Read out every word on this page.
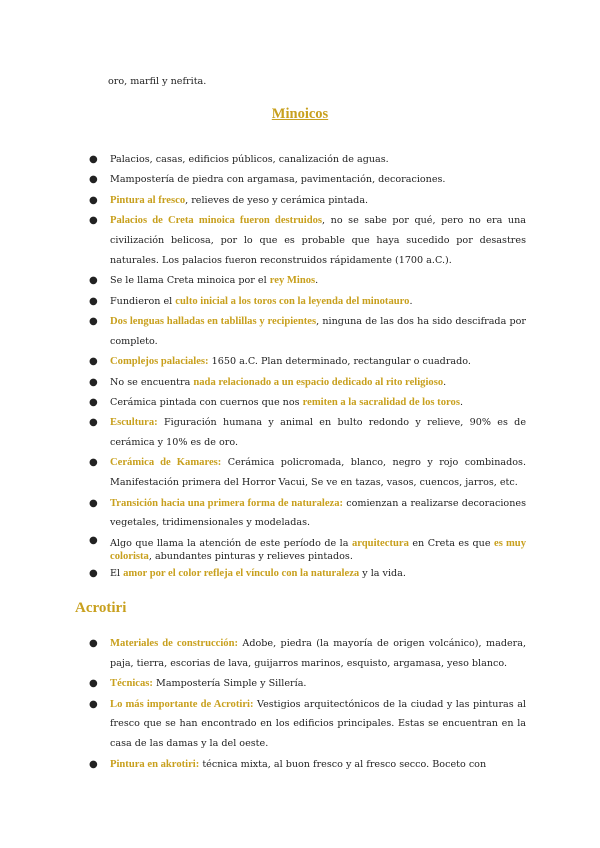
oro, marfil y nefrita.

Minoicos
● Palacios, casas, edificios públicos, canalización de aguas.
● Mampostería de piedra con argamasa, pavimentación, decoraciones.
● Pintura al fresco, relieves de yeso y cerámica pintada.
● Palacios de Creta minoica fueron destruidos, no se sabe por qué, pero no era una civilización belicosa, por lo que es probable que haya sucedido por desastres naturales. Los palacios fueron reconstruidos rápidamente (1700 a.C.).
● Se le llama Creta minoica por el rey Minos.
● Fundieron el culto inicial a los toros con la leyenda del minotauro.
● Dos lenguas halladas en tablillas y recipientes, ninguna de las dos ha sido descifrada por completo.
● Complejos palaciales: 1650 a.C. Plan determinado, rectangular o cuadrado.
● No se encuentra nada relacionado a un espacio dedicado al rito religioso.
● Cerámica pintada con cuernos que nos remiten a la sacralidad de los toros.
● Escultura: Figuración humana y animal en bulto redondo y relieve, 90% es de cerámica y 10% es de oro.
● Cerámica de Kamares: Cerámica policromada, blanco, negro y rojo combinados. Manifestación primera del Horror Vacui, Se ve en tazas, vasos, cuencos, jarros, etc.
● Transición hacia una primera forma de naturaleza: comienzan a realizarse decoraciones vegetales, tridimensionales y modeladas.
● Algo que llama la atención de este período de la arquitectura en Creta es que es muy colorista, abundantes pinturas y relieves pintados.
● El amor por el color refleja el vínculo con la naturaleza y la vida.
Acrotiri
● Materiales de construcción: Adobe, piedra (la mayoría de origen volcánico), madera, paja, tierra, escorias de lava, guijarros marinos, esquisto, argamasa, yeso blanco.
● Técnicas: Mampostería Simple y Sillería.
● Lo más importante de Acrotiri: Vestigios arquitectónicos de la ciudad y las pinturas al fresco que se han encontrado en los edificios principales. Estas se encuentran en la casa de las damas y la del oeste.
● Pintura en akrotiri: técnica mixta, al buon fresco y al fresco secco. Boceto con
